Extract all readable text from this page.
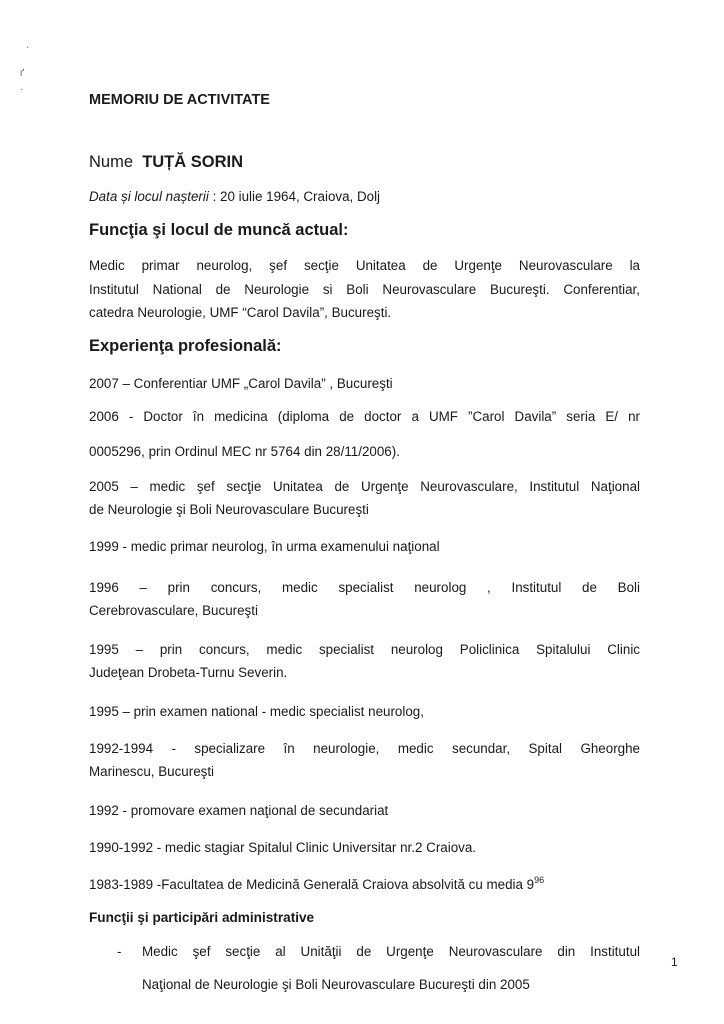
·
ґ
·
MEMORIU DE ACTIVITATE
Nume TUȚĂ SORIN
Data și locul nașterii : 20 iulie 1964, Craiova, Dolj
Funcţia şi locul de muncă actual:
Medic primar neurolog, şef secţie Unitatea de Urgenţe Neurovasculare la
Institutul National de Neurologie si Boli Neurovasculare Bucureşti. Conferentiar,
catedra Neurologie, UMF “Carol Davila”, Bucureşti.
Experienţa profesională:
2007 – Conferentiar UMF „Carol Davila” , Bucureşti
2006 - Doctor în medicina (diploma de doctor a UMF ”Carol Davila” seria E/ nr
0005296, prin Ordinul MEC nr 5764 din 28/11/2006).
2005 – medic şef secţie Unitatea de Urgenţe Neurovasculare, Institutul Naţional
de Neurologie şi Boli Neurovasculare Bucureşti
1999 - medic primar neurolog, în urma examenului naţional
1996 – prin concurs, medic specialist neurolog , Institutul de Boli
Cerebrovasculare, Bucureşti
1995 – prin concurs, medic specialist neurolog Policlinica Spitalului Clinic
Judeţean Drobeta-Turnu Severin.
1995 – prin examen national - medic specialist neurolog,
1992-1994 - specializare în neurologie, medic secundar, Spital Gheorghe
Marinescu, Bucureşti
1992 - promovare examen naţional de secundariat
1990-1992 - medic stagiar Spitalul Clinic Universitar nr.2 Craiova.
1983-1989 -Facultatea de Medicină Generală Craiova absolvită cu media $9^{96}$
Funcţii şi participări administrative
- Medic şef secţie al Unităţii de Urgenţe Neurovasculare din Institutul
Naţional de Neurologie şi Boli Neurovasculare Bucureşti din 2005
1
